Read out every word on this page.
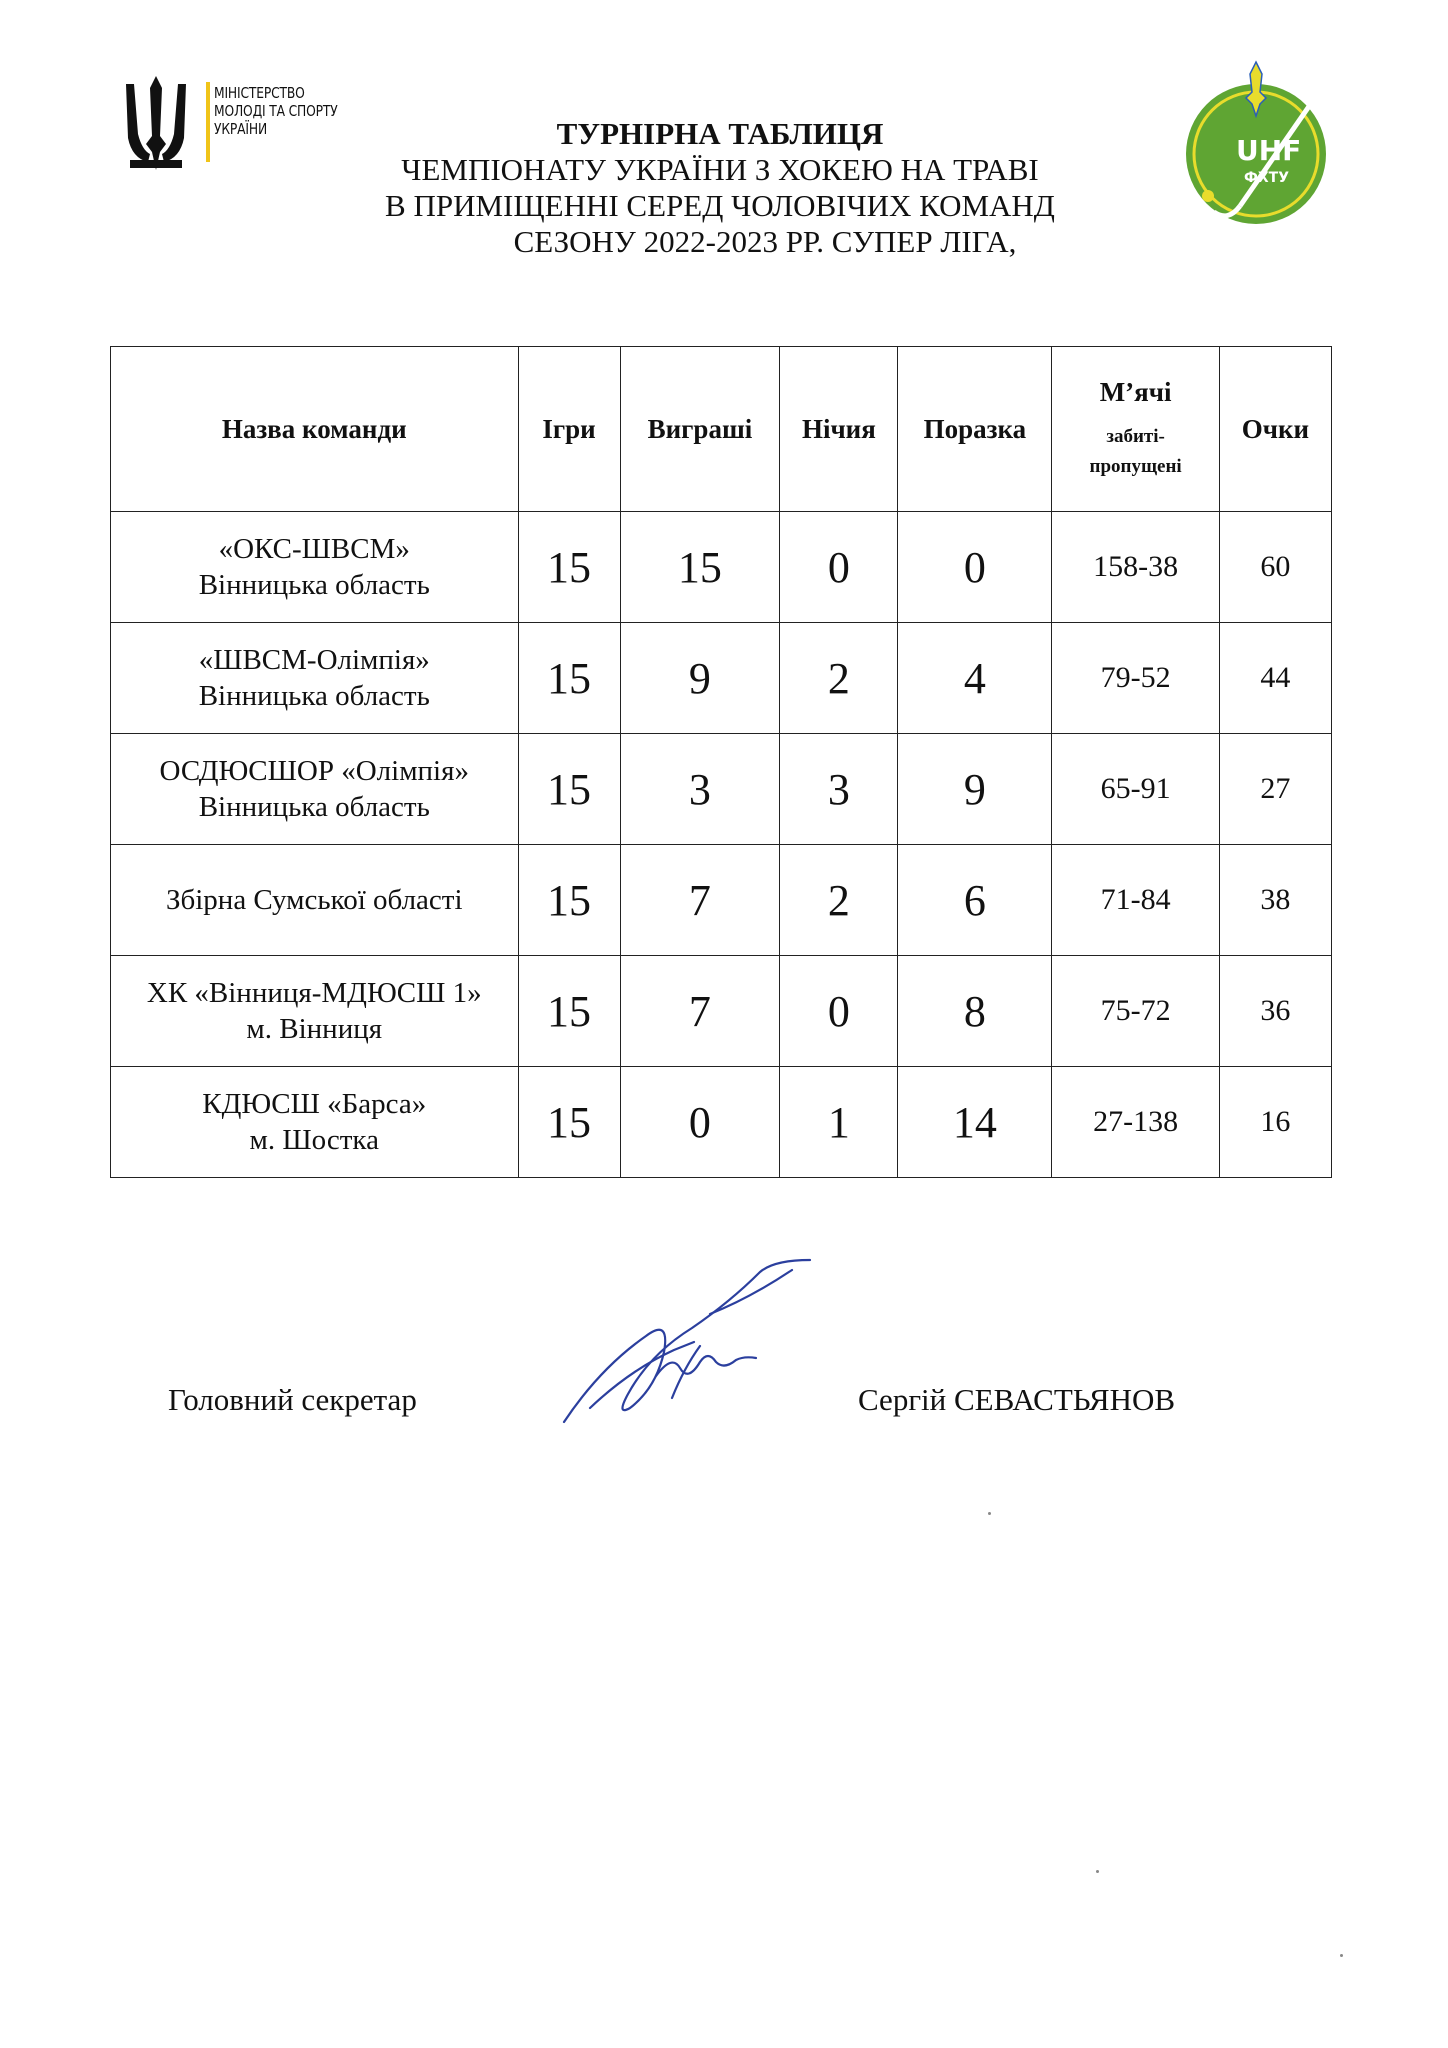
МІНІСТЕРСТВО
МОЛОДІ ТА СПОРТУ
УКРАЇНИ
UHF
ФХТУ
ТУРНІРНА ТАБЛИЦЯ
ЧЕМПІОНАТУ УКРАЇНИ З ХОКЕЮ НА ТРАВІ
В ПРИМІЩЕННІ СЕРЕД ЧОЛОВІЧИХ КОМАНД
СЕЗОНУ 2022-2023 РР. СУПЕР ЛІГА,
Назва команди	Ігри	Виграші	Нічия	Поразка	М’ячі
забиті-
пропущені	Очки

«ОКС-ШВСМ»
Вінницька область	15	15	0	0	158-38	60

«ШВСМ-Олімпія»
Вінницька область	15	9	2	4	79-52	44

ОСДЮСШОР «Олімпія»
Вінницька область	15	3	3	9	65-91	27

Збірна Сумської області	15	7	2	6	71-84	38

ХК «Вінниця-МДЮСШ 1»
м. Вінниця	15	7	0	8	75-72	36

КДЮСШ «Барса»
м. Шостка	15	0	1	14	27-138	16
Головний секретар	Сергій СЕВАСТЬЯНОВ
